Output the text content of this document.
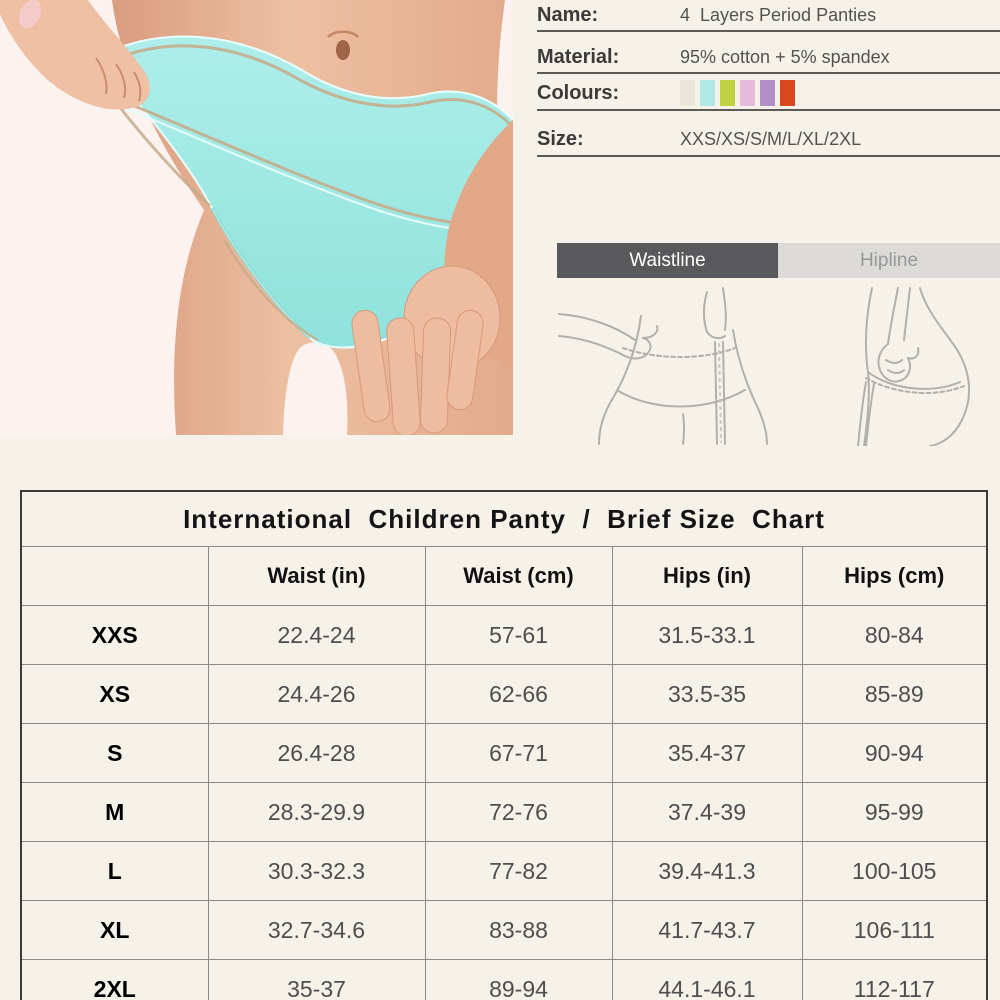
Name:	4  Layers Period Panties
Material:	95% cotton + 5% spandex
Colours:
Size:	XXS/XS/S/M/L/XL/2XL
Waistline	Hipline
International  Children Panty  /  Brief Size  Chart				
	Waist (in)	Waist (cm)	Hips (in)	Hips (cm)
XXS	22.4-24	57-61	31.5-33.1	80-84
XS	24.4-26	62-66	33.5-35	85-89
S	26.4-28	67-71	35.4-37	90-94
M	28.3-29.9	72-76	37.4-39	95-99
L	30.3-32.3	77-82	39.4-41.3	100-105
XL	32.7-34.6	83-88	41.7-43.7	106-111
2XL	35-37	89-94	44.1-46.1	112-117
